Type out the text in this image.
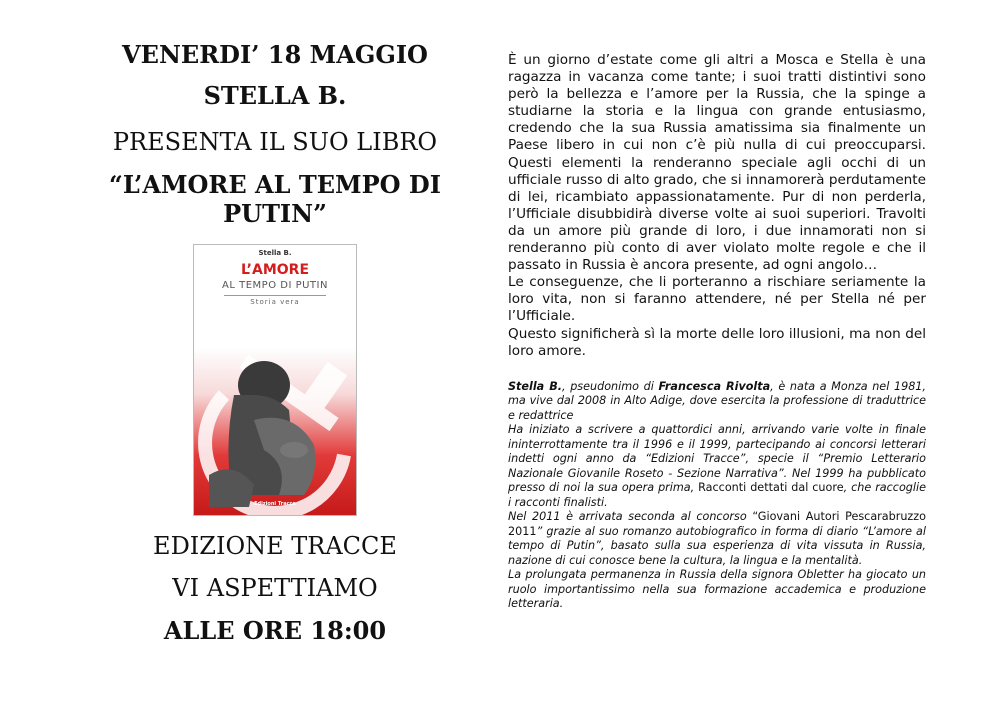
VENERDI’ 18 MAGGIO
STELLA B.
PRESENTA IL SUO LIBRO
“L’AMORE AL TEMPO DI PUTIN”
Stella B.
L’AMORE
AL TEMPO DI PUTIN
Storia vera
Edizioni Tracce
EDIZIONE TRACCE
VI ASPETTIAMO
ALLE ORE 18:00

È un giorno d’estate come gli altri a Mosca e Stella è una ragazza in vacanza come tante; i suoi tratti distintivi sono però la bellezza e l’amore per la Russia, che la spinge a studiarne la storia e la lingua con grande entusiasmo, credendo che la sua Russia amatissima sia finalmente un Paese libero in cui non c’è più nulla di cui preoccuparsi. Questi elementi la renderanno speciale agli occhi di un ufficiale russo di alto grado, che si innamorerà perdutamente di lei, ricambiato appassionatamente. Pur di non perderla, l’Ufficiale disubbidirà diverse volte ai suoi superiori. Travolti da un amore più grande di loro, i due innamorati non si renderanno più conto di aver violato molte regole e che il passato in Russia è ancora presente, ad ogni angolo…

Le conseguenze, che li porteranno a rischiare seriamente la loro vita, non si faranno attendere, né per Stella né per l’Ufficiale.

Questo significherà sì la morte delle loro illusioni, ma non del loro amore.

Stella B., pseudonimo di Francesca Rivolta, è nata a Monza nel 1981, ma vive dal 2008 in Alto Adige, dove esercita la professione di traduttrice e redattrice

Ha iniziato a scrivere a quattordici anni, arrivando varie volte in finale ininterrottamente tra il 1996 e il 1999, partecipando ai concorsi letterari indetti ogni anno da “Edizioni Tracce”, specie il “Premio Letterario Nazionale Giovanile Roseto - Sezione Narrativa”. Nel 1999 ha pubblicato presso di noi la sua opera prima, Racconti dettati dal cuore, che raccoglie i racconti finalisti.

Nel 2011 è arrivata seconda al concorso “Giovani Autori Pescarabruzzo 2011” grazie al suo romanzo autobiografico in forma di diario “L’amore al tempo di Putin”, basato sulla sua esperienza di vita vissuta in Russia, nazione di cui conosce bene la cultura, la lingua e la mentalità.

La prolungata permanenza in Russia della signora Obletter ha giocato un ruolo importantissimo nella sua formazione accademica e produzione letteraria.
